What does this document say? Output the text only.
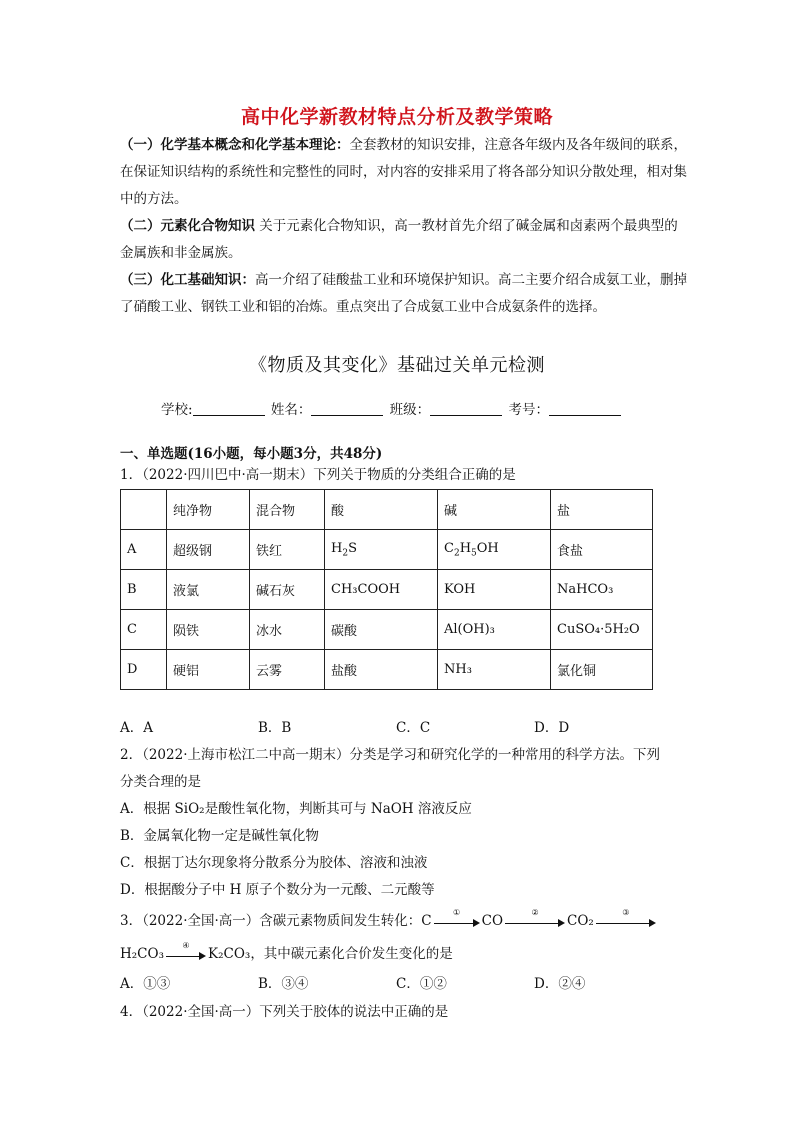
高中化学新教材特点分析及教学策略

（一）化学基本概念和化学基本理论：全套教材的知识安排，注意各年级内及各年级间的联系，在保证知识结构的系统性和完整性的同时，对内容的安排采用了将各部分知识分散处理，相对集中的方法。

（二）元素化合物知识 关于元素化合物知识，高一教材首先介绍了碱金属和卤素两个最典型的金属族和非金属族。

（三）化工基础知识：高一介绍了硅酸盐工业和环境保护知识。高二主要介绍合成氨工业，删掉了硝酸工业、钢铁工业和铝的冶炼。重点突出了合成氨工业中合成氨条件的选择。

《物质及其变化》基础过关单元检测
学校:	姓名：	班级：	考号：
一、单选题(16小题，每小题3分，共48分)
1．（2022·四川巴中·高一期末）下列关于物质的分类组合正确的是
	纯净物	混合物	酸	碱	盐
A	超级钢	铁红	$H_2S$	$C_2H_5OH$	食盐
B	液氯	碱石灰	CH₃COOH	KOH	NaHCO₃
C	陨铁	冰水	碳酸	Al(OH)₃	CuSO₄·5H₂O
D	硬铝	云雾	盐酸	NH₃	氯化铜
A．A	B．B	C．C	D．D
2．（2022·上海市松江二中高一期末）分类是学习和研究化学的一种常用的科学方法。下列
分类合理的是
A．根据 SiO₂是酸性氧化物，判断其可与 NaOH 溶液反应
B．金属氧化物一定是碱性氧化物
C．根据丁达尔现象将分散系分为胶体、溶液和浊液
D．根据酸分子中 H 原子个数分为一元酸、二元酸等
3．（2022·全国·高一）含碳元素物质间发生转化：C
①
CO
②
CO₂
③
H₂CO₃
④
K₂CO₃，其中碳元素化合价发生变化的是
A．①③	B．③④	C．①②	D．②④
4．（2022·全国·高一）下列关于胶体的说法中正确的是
